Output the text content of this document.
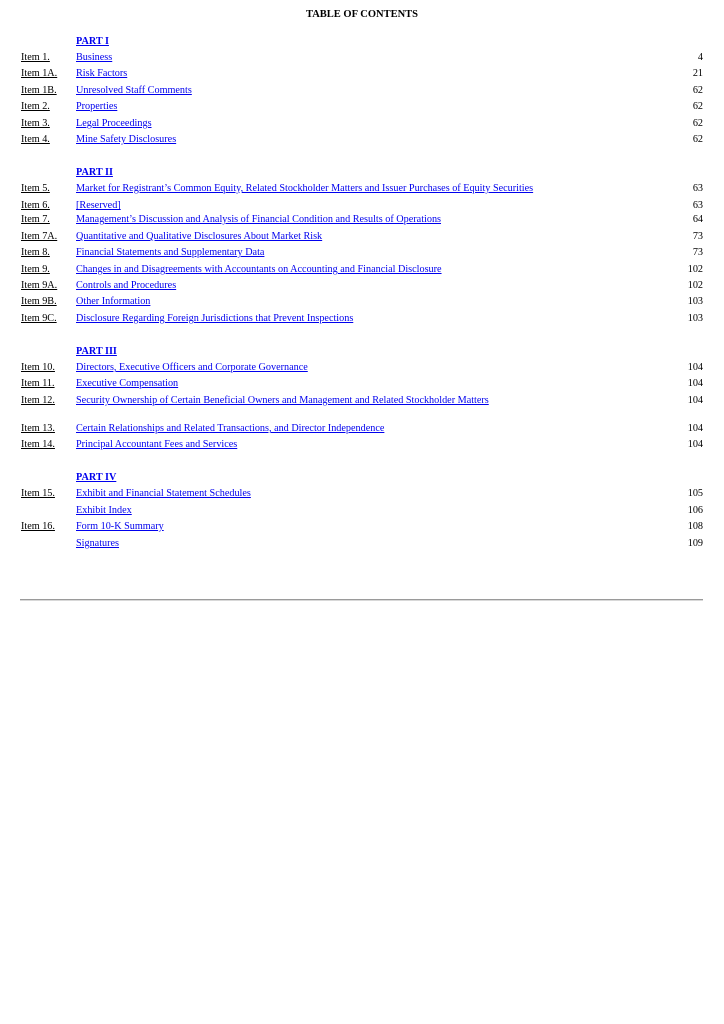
TABLE OF CONTENTS
PART I
Item 1.	Business	4
Item 1A. Risk Factors	21
Item 1B. Unresolved Staff Comments	62
Item 2.	Properties	62
Item 3.	Legal Proceedings	62
Item 4.	Mine Safety Disclosures	62
PART II
Item 5.	Market for Registrant’s Common Equity, Related Stockholder Matters and Issuer Purchases of Equity Securities	63
Item 6.	[Reserved]	63
Item 7.	Management’s Discussion and Analysis of Financial Condition and Results of Operations	64
Item 7A. Quantitative and Qualitative Disclosures About Market Risk	73
Item 8.	Financial Statements and Supplementary Data	73
Item 9.	Changes in and Disagreements with Accountants on Accounting and Financial Disclosure	102
Item 9A. Controls and Procedures	102
Item 9B. Other Information	103
Item 9C. Disclosure Regarding Foreign Jurisdictions that Prevent Inspections	103
PART III
Item 10. Directors, Executive Officers and Corporate Governance	104
Item 11. Executive Compensation	104
Item 12. Security Ownership of Certain Beneficial Owners and Management and Related Stockholder Matters	104
Item 13. Certain Relationships and Related Transactions, and Director Independence	104
Item 14. Principal Accountant Fees and Services	104
PART IV
Item 15. Exhibit and Financial Statement Schedules	105
Exhibit Index	106
Item 16. Form 10-K Summary	108
Signatures	109
